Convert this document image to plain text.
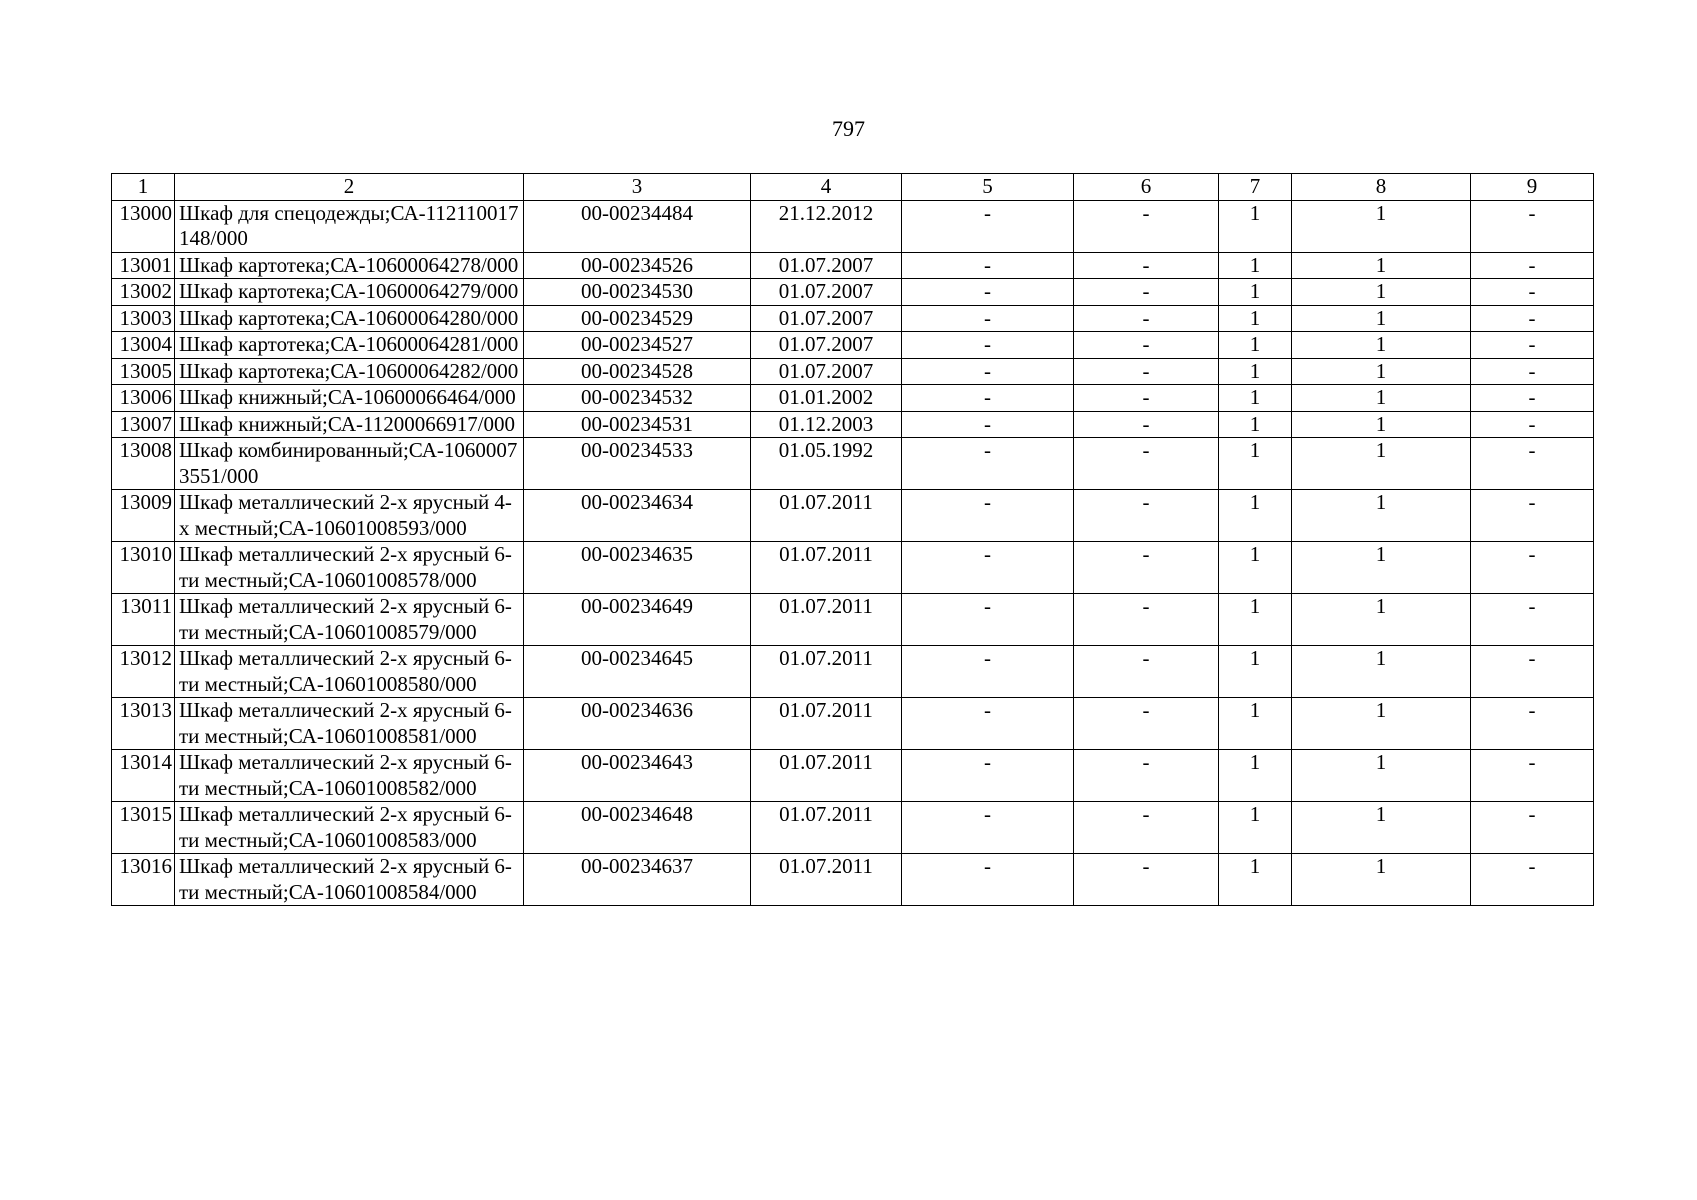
797
1	2	3	4	5	6	7	8	9
13000	Шкаф для спецодежды;СА-112110017148/000	00-00234484	21.12.2012	-	-	1	1	-
13001	Шкаф картотека;СА-10600064278/000	00-00234526	01.07.2007	-	-	1	1	-
13002	Шкаф картотека;СА-10600064279/000	00-00234530	01.07.2007	-	-	1	1	-
13003	Шкаф картотека;СА-10600064280/000	00-00234529	01.07.2007	-	-	1	1	-
13004	Шкаф картотека;СА-10600064281/000	00-00234527	01.07.2007	-	-	1	1	-
13005	Шкаф картотека;СА-10600064282/000	00-00234528	01.07.2007	-	-	1	1	-
13006	Шкаф книжный;СА-10600066464/000	00-00234532	01.01.2002	-	-	1	1	-
13007	Шкаф книжный;СА-11200066917/000	00-00234531	01.12.2003	-	-	1	1	-
13008	Шкаф комбинированный;СА-10600073551/000	00-00234533	01.05.1992	-	-	1	1	-
13009	Шкаф металлический 2-х ярусный 4-х местный;СА-10601008593/000	00-00234634	01.07.2011	-	-	1	1	-
13010	Шкаф металлический 2-х ярусный 6-ти местный;СА-10601008578/000	00-00234635	01.07.2011	-	-	1	1	-
13011	Шкаф металлический 2-х ярусный 6-ти местный;СА-10601008579/000	00-00234649	01.07.2011	-	-	1	1	-
13012	Шкаф металлический 2-х ярусный 6-ти местный;СА-10601008580/000	00-00234645	01.07.2011	-	-	1	1	-
13013	Шкаф металлический 2-х ярусный 6-ти местный;СА-10601008581/000	00-00234636	01.07.2011	-	-	1	1	-
13014	Шкаф металлический 2-х ярусный 6-ти местный;СА-10601008582/000	00-00234643	01.07.2011	-	-	1	1	-
13015	Шкаф металлический 2-х ярусный 6-ти местный;СА-10601008583/000	00-00234648	01.07.2011	-	-	1	1	-
13016	Шкаф металлический 2-х ярусный 6-ти местный;СА-10601008584/000	00-00234637	01.07.2011	-	-	1	1	-
